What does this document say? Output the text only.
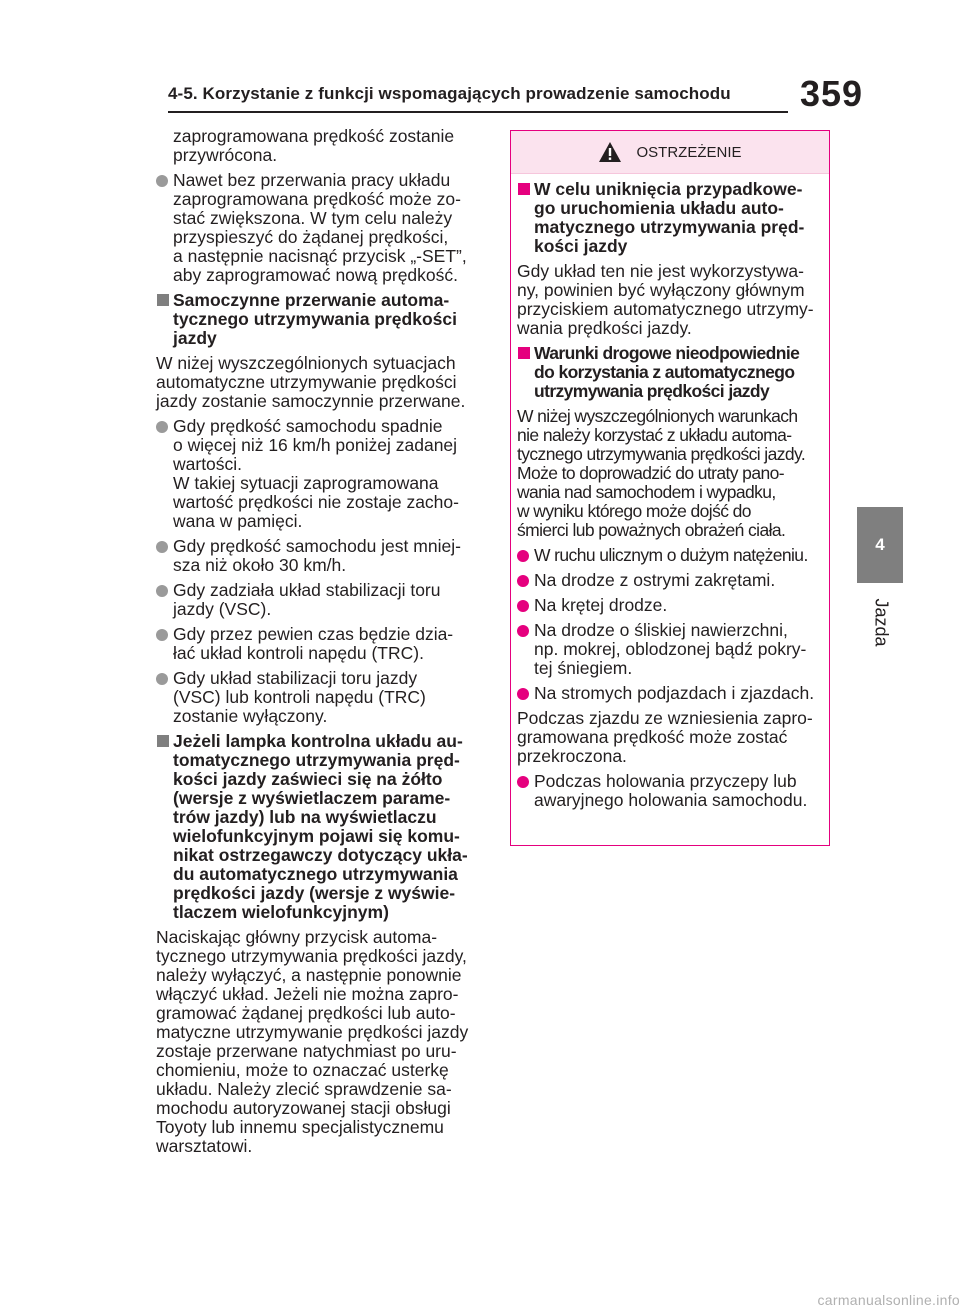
4-5. Korzystanie z funkcji wspomagających prowadzenie samochodu	359
4
Jazda
zaprogramowana prędkość zostanie
przywrócona.
Nawet bez przerwania pracy układu
zaprogramowana prędkość może zo-
stać zwiększona. W tym celu należy
przyspieszyć do żądanej prędkości,
a następnie nacisnąć przycisk „-SET”,
aby zaprogramować nową prędkość.
Samoczynne przerwanie automa-
tycznego utrzymywania prędkości
jazdy
W niżej wyszczególnionych sytuacjach
automatyczne utrzymywanie prędkości
jazdy zostanie samoczynnie przerwane.
Gdy prędkość samochodu spadnie
o więcej niż 16 km/h poniżej zadanej
wartości.
W takiej sytuacji zaprogramowana
wartość prędkości nie zostaje zacho-
wana w pamięci.
Gdy prędkość samochodu jest mniej-
sza niż około 30 km/h.
Gdy zadziała układ stabilizacji toru
jazdy (VSC).
Gdy przez pewien czas będzie dzia-
łać układ kontroli napędu (TRC).
Gdy układ stabilizacji toru jazdy
(VSC) lub kontroli napędu (TRC)
zostanie wyłączony.
Jeżeli lampka kontrolna układu au-
tomatycznego utrzymywania pręd-
kości jazdy zaświeci się na żółto
(wersje z wyświetlaczem parame-
trów jazdy) lub na wyświetlaczu
wielofunkcyjnym pojawi się komu-
nikat ostrzegawczy dotyczący ukła-
du automatycznego utrzymywania
prędkości jazdy (wersje z wyświe-
tlaczem wielofunkcyjnym)
Naciskając główny przycisk automa-
tycznego utrzymywania prędkości jazdy,
należy wyłączyć, a następnie ponownie
włączyć układ. Jeżeli nie można zapro-
gramować żądanej prędkości lub auto-
matyczne utrzymywanie prędkości jazdy
zostaje przerwane natychmiast po uru-
chomieniu, może to oznaczać usterkę
układu. Należy zlecić sprawdzenie sa-
mochodu autoryzowanej stacji obsługi
Toyoty lub innemu specjalistycznemu
warsztatowi.
OSTRZEŻENIE
W celu uniknięcia przypadkowe-
go uruchomienia układu auto-
matycznego utrzymywania pręd-
kości jazdy
Gdy układ ten nie jest wykorzystywa-
ny, powinien być wyłączony głównym
przyciskiem automatycznego utrzymy-
wania prędkości jazdy.
Warunki drogowe nieodpowiednie
do korzystania z automatycznego
utrzymywania prędkości jazdy
W niżej wyszczególnionych warunkach
nie należy korzystać z układu automa-
tycznego utrzymywania prędkości jazdy.
Może to doprowadzić do utraty pano-
wania nad samochodem i wypadku,
w wyniku którego może dojść do
śmierci lub poważnych obrażeń ciała.
W ruchu ulicznym o dużym natężeniu.
Na drodze z ostrymi zakrętami.
Na krętej drodze.
Na drodze o śliskiej nawierzchni,
np. mokrej, oblodzonej bądź pokry-
tej śniegiem.
Na stromych podjazdach i zjazdach.
Podczas zjazdu ze wzniesienia zapro-
gramowana prędkość może zostać
przekroczona.
Podczas holowania przyczepy lub
awaryjnego holowania samochodu.
carmanualsonline.info
